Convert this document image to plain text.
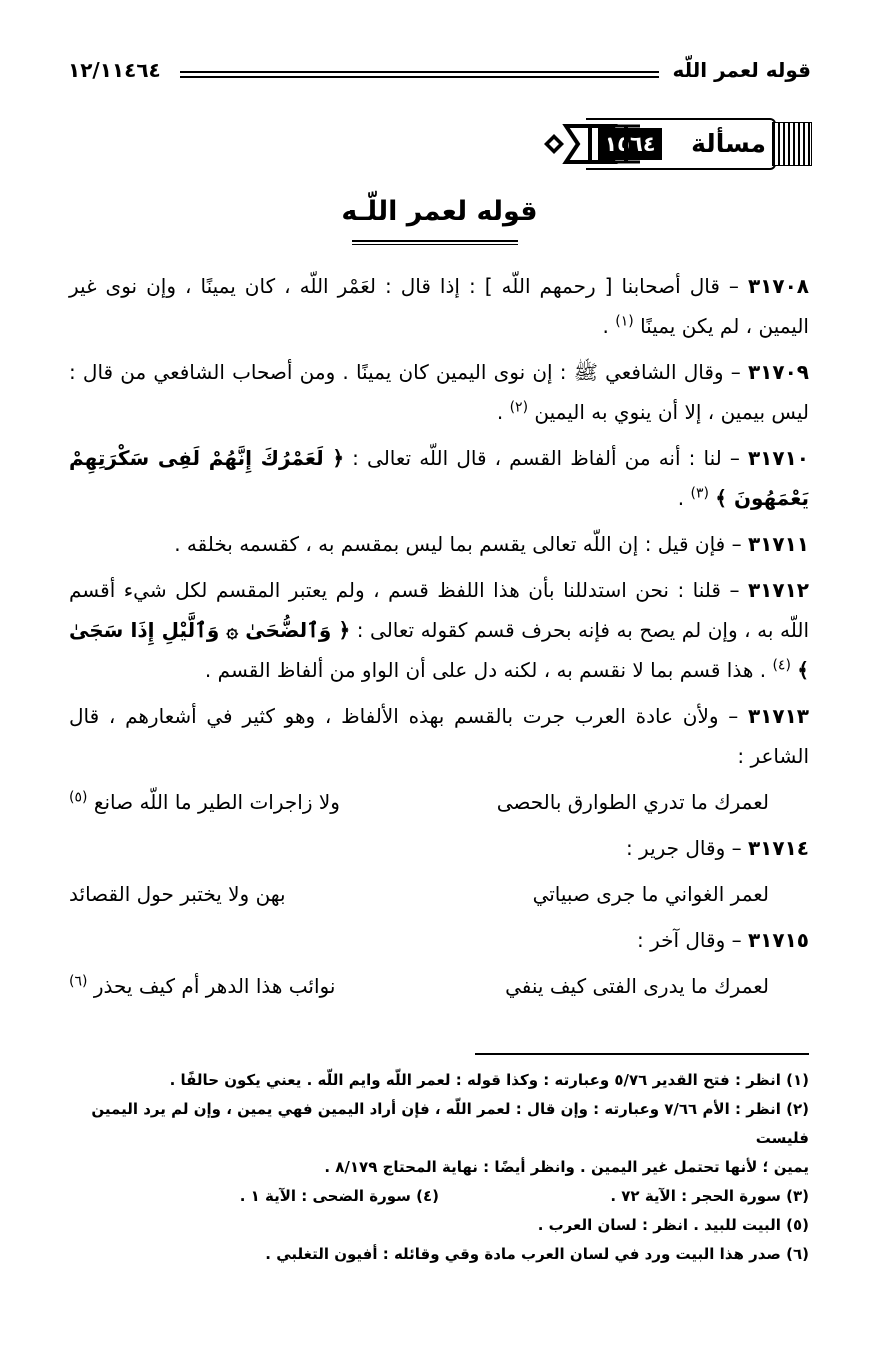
قوله لعمر اللّه
١٢/١١٤٦٤
مسألة
١٥٦٤
قوله لعمر اللّـه

٣١٧٠٨ – قال أصحابنا [ رحمهم اللّه ] : إذا قال : لعَمْر اللّه ، كان يمينًا ، وإن نوى غير اليمين ، لم يكن يمينًا $^{(١)}$ .

٣١٧٠٩ – وقال الشافعي ﷺ : إن نوى اليمين كان يمينًا . ومن أصحاب الشافعي من قال : ليس بيمين ، إلا أن ينوي به اليمين $^{(٢)}$ .

٣١٧١٠ – لنا : أنه من ألفاظ القسم ، قال اللّه تعالى : ﴿ لَعَمْرُكَ إِنَّهُمْ لَفِى سَكْرَتِهِمْ يَعْمَهُونَ ﴾ $^{(٣)}$ .

٣١٧١١ – فإن قيل : إن اللّه تعالى يقسم بما ليس بمقسم به ، كقسمه بخلقه .

٣١٧١٢ – قلنا : نحن استدللنا بأن هذا اللفظ قسم ، ولم يعتبر المقسم لكل شيء أقسم اللّه به ، وإن لم يصح به فإنه بحرف قسم كقوله تعالى : ﴿ وَٱلضُّحَىٰ ۞ وَٱلَّيْلِ إِذَا سَجَىٰ ﴾ $^{(٤)}$ . هذا قسم بما لا نقسم به ، لكنه دل على أن الواو من ألفاظ القسم .

٣١٧١٣ – ولأن عادة العرب جرت بالقسم بهذه الألفاظ ، وهو كثير في أشعارهم ، قال الشاعر :

لعمرك ما تدري الطوارق بالحصى
ولا زاجرات الطير ما اللّه صانع $^{(٥)}$

٣١٧١٤ – وقال جرير :

لعمر الغواني ما جرى صبياتي
بهن ولا يختبر حول القصائد

٣١٧١٥ – وقال آخر :

لعمرك ما يدرى الفتى كيف ينفي
نوائب هذا الدهر أم كيف يحذر $^{(٦)}$
(١) انظر : فتح القدير ٥/٧٦ وعبارته : وكذا قوله : لعمر اللّه وايم اللّه . يعني يكون حالفًا .
(٢) انظر : الأم ٧/٦٦ وعبارته : وإن قال : لعمر اللّه ، فإن أراد اليمين فهي يمين ، وإن لم يرد اليمين فليست
يمين ؛ لأنها تحتمل غير اليمين . وانظر أيضًا : نهاية المحتاج ٨/١٧٩ .
(٣) سورة الحجر : الآية ٧٢ .
(٤) سورة الضحى : الآية ١ .
(٥) البيت للبيد . انظر : لسان العرب .
(٦) صدر هذا البيت ورد في لسان العرب مادة وقي وقائله : أفيون التغلبي .
